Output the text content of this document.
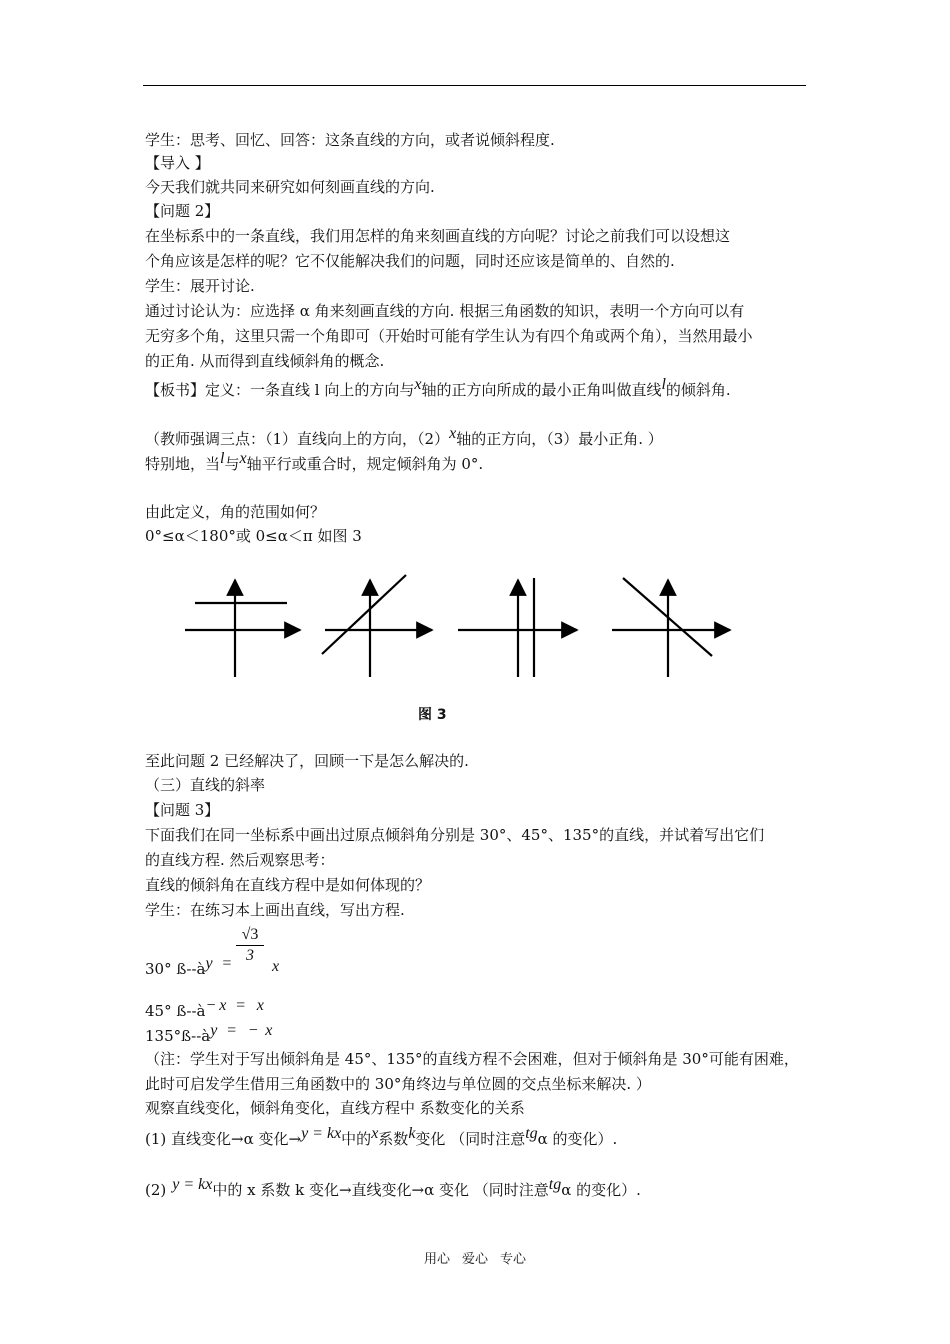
学生：思考、回忆、回答：这条直线的方向，或者说倾斜程度.
【导入 】
今天我们就共同来研究如何刻画直线的方向.
【问题 2】
在坐标系中的一条直线，我们用怎样的角来刻画直线的方向呢？讨论之前我们可以设想这
个角应该是怎样的呢？它不仅能解决我们的问题，同时还应该是简单的、自然的.
学生：展开讨论.
通过讨论认为：应选择 α 角来刻画直线的方向. 根据三角函数的知识，表明一个方向可以有
无穷多个角，这里只需一个角即可（开始时可能有学生认为有四个角或两个角），当然用最小
的正角. 从而得到直线倾斜角的概念.
【板书】定义：一条直线 l 向上的方向与x轴的正方向所成的最小正角叫做直线l的倾斜角.
（教师强调三点：（1）直线向上的方向，（2）x轴的正方向，（3）最小正角. ）
特别地，当l与x轴平行或重合时，规定倾斜角为 0°.
由此定义，角的范围如何？
0°≤α＜180°或 0≤α＜π 如图 3
图 3
至此问题 2 已经解决了，回顾一下是怎么解决的.
（三）直线的斜率
【问题 3】
下面我们在同一坐标系中画出过原点倾斜角分别是 30°、45°、135°的直线，并试着写出它们
的直线方程. 然后观察思考：
直线的倾斜角在直线方程中是如何体现的？
学生：在练习本上画出直线，写出方程.
30° ß--ày =
√3
3
x
45° ß--à− x = x
135°ß--ày = − x
（注：学生对于写出倾斜角是 45°、135°的直线方程不会困难，但对于倾斜角是 30°可能有困难，
此时可启发学生借用三角函数中的 30°角终边与单位圆的交点坐标来解决. ）
观察直线变化，倾斜角变化，直线方程中 系数变化的关系
(1) 直线变化→α 变化→y = kx中的x系数k变化 （同时注意tgα 的变化）.
(2) y = kx中的 x 系数 k 变化→直线变化→α 变化 （同时注意tgα 的变化）.
用心 爱心 专心
